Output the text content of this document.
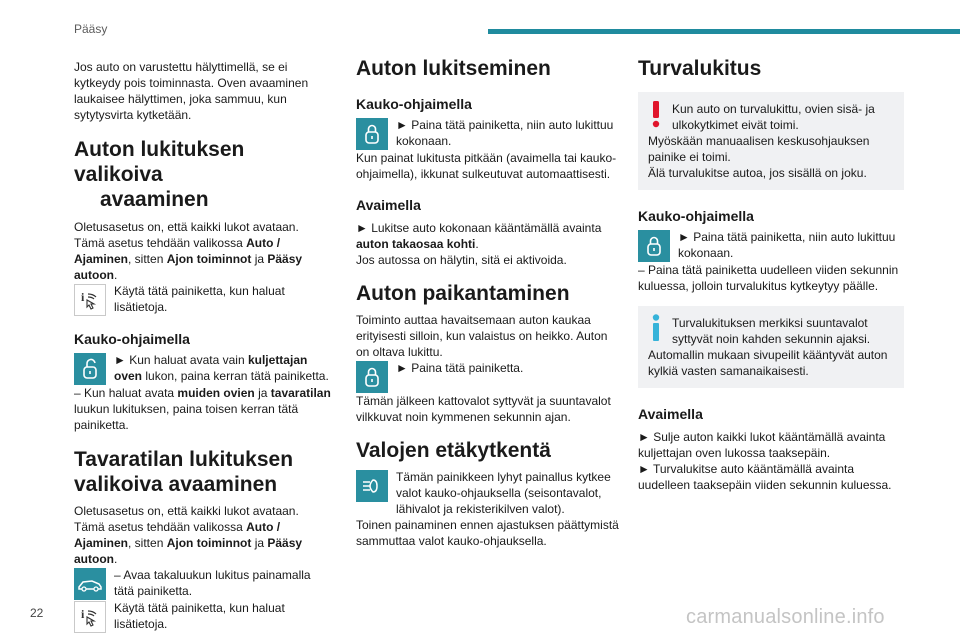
Pääsy

Jos auto on varustettu hälyttimellä, se ei kytkeydy pois toiminnasta. Oven avaaminen laukaisee hälyttimen, joka sammuu, kun sytytysvirta kytketään.

Auton lukituksen valikoiva

avaaminen

Oletusasetus on, että kaikki lukot avataan.

Tämä asetus tehdään valikossa Auto / Ajaminen, sitten Ajon toiminnot ja Pääsy autoon.

i Käytä tätä painiketta, kun haluat lisätietoja.

Kauko-ohjaimella

► Kun haluat avata vain kuljettajan oven lukon, paina kerran tätä painiketta.

– Kun haluat avata muiden ovien ja tavaratilan luukun lukituksen, paina toisen kerran tätä painiketta.

Tavaratilan lukituksen

valikoiva avaaminen

Oletusasetus on, että kaikki lukot avataan.

Tämä asetus tehdään valikossa Auto / Ajaminen, sitten Ajon toiminnot ja Pääsy autoon.

– Avaa takaluukun lukitus painamalla tätä painiketta.

i Käytä tätä painiketta, kun haluat lisätietoja.

Auton lukitseminen

Kauko-ohjaimella

► Paina tätä painiketta, niin auto lukittuu kokonaan.

Kun painat lukitusta pitkään (avaimella tai kauko-ohjaimella), ikkunat sulkeutuvat automaattisesti.

Avaimella

► Lukitse auto kokonaan kääntämällä avainta auton takaosaa kohti.

Jos autossa on hälytin, sitä ei aktivoida.

Auton paikantaminen

Toiminto auttaa havaitsemaan auton kaukaa erityisesti silloin, kun valaistus on heikko. Auton on oltava lukittu.

► Paina tätä painiketta.

Tämän jälkeen kattovalot syttyvät ja suuntavalot vilkkuvat noin kymmenen sekunnin ajan.

Valojen etäkytkentä

Tämän painikkeen lyhyt painallus kytkee valot kauko-ohjauksella (seisontavalot, lähivalot ja rekisterikilven valot).

Toinen painaminen ennen ajastuksen päättymistä sammuttaa valot kauko-ohjauksella.

Turvalukitus

Kun auto on turvalukittu, ovien sisä- ja ulkokytkimet eivät toimi.

Myöskään manuaalisen keskusohjauksen painike ei toimi.

Älä turvalukitse autoa, jos sisällä on joku.

Kauko-ohjaimella

► Paina tätä painiketta, niin auto lukittuu kokonaan.

– Paina tätä painiketta uudelleen viiden sekunnin kuluessa, jolloin turvalukitus kytkeytyy päälle.

Turvalukituksen merkiksi suuntavalot syttyvät noin kahden sekunnin ajaksi.

Automallin mukaan sivupeilit kääntyvät auton kylkiä vasten samanaikaisesti.

Avaimella

► Sulje auton kaikki lukot kääntämällä avainta kuljettajan oven lukossa taaksepäin.

► Turvalukitse auto kääntämällä avainta uudelleen taaksepäin viiden sekunnin kuluessa.

22	carmanualsonline.info
